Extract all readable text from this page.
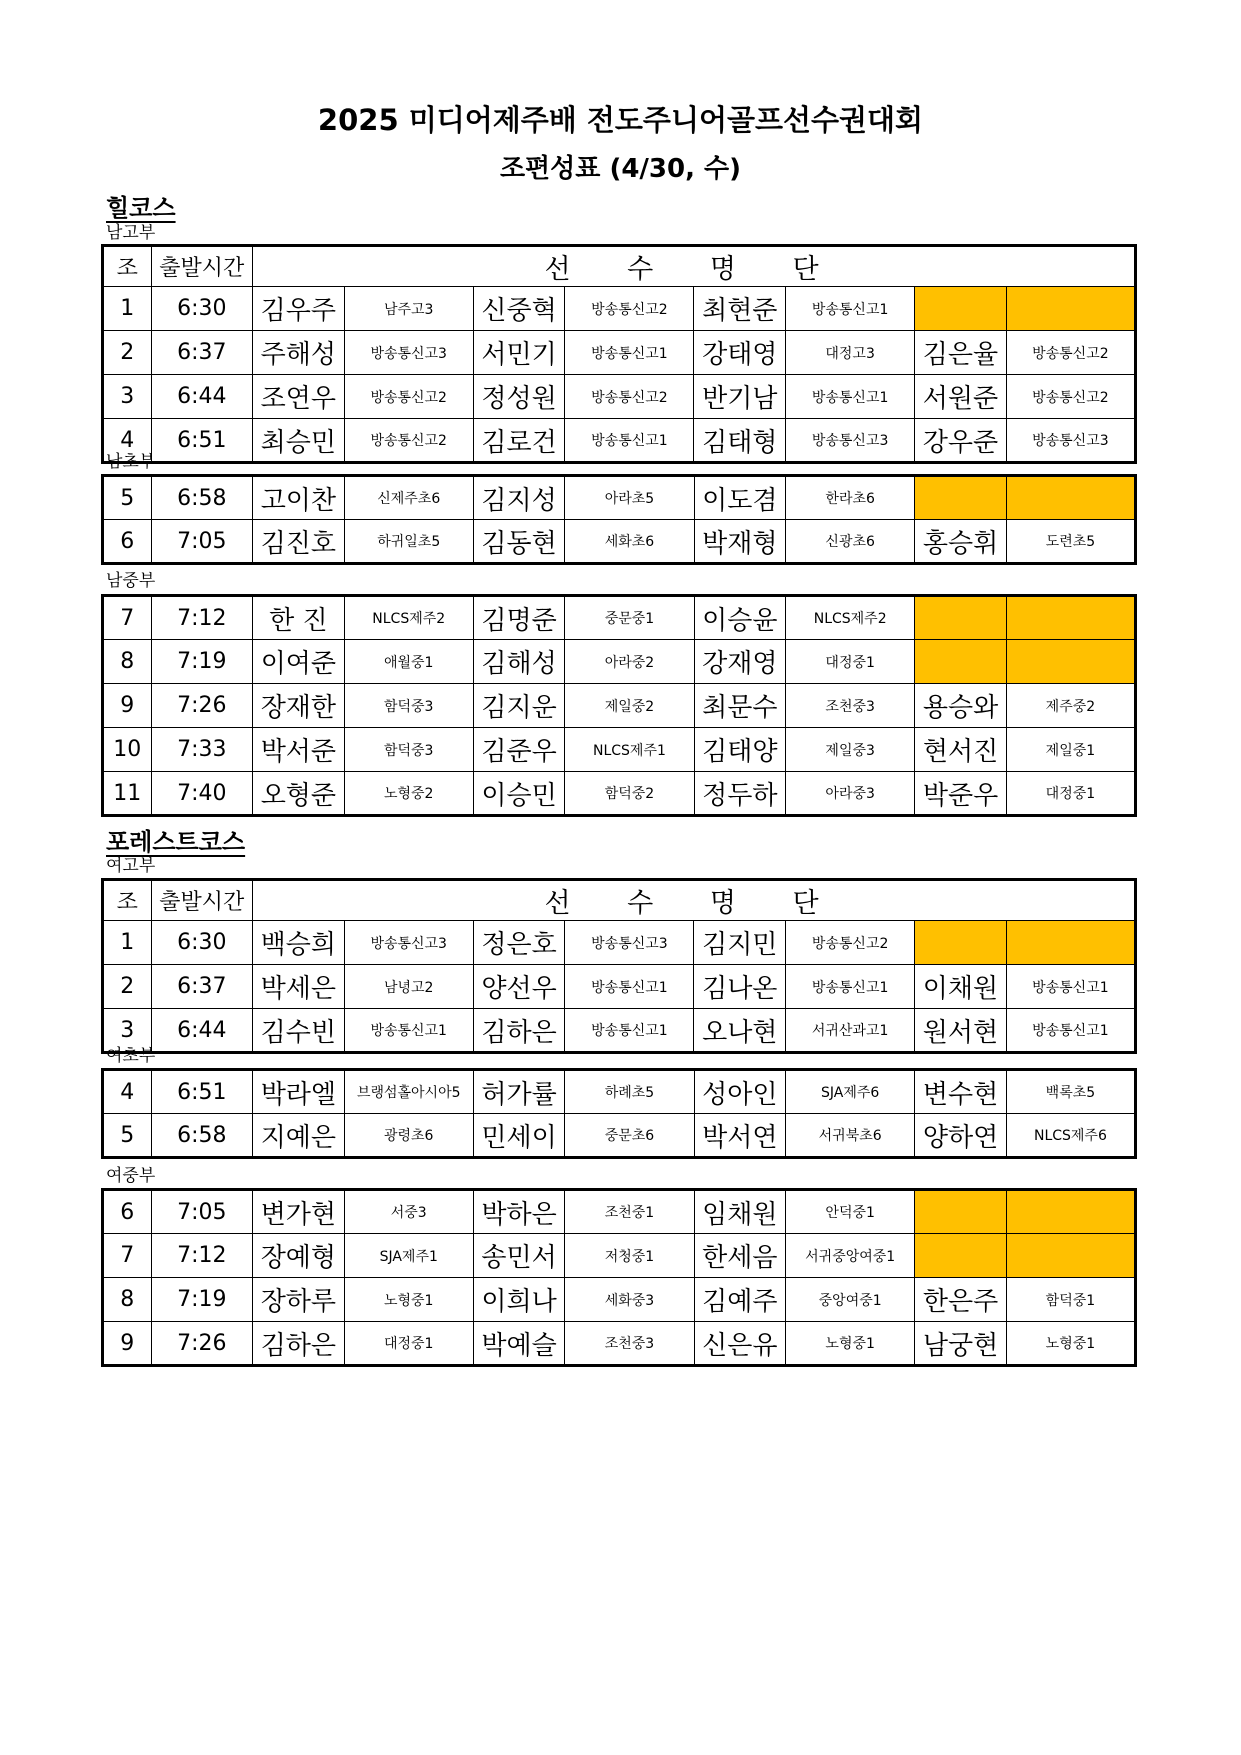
2025 미디어제주배 전도주니어골프선수권대회
조편성표 (4/30, 수)
힐코스
남고부
조	출발시간	선 수 명 단							
1	6:30	김우주	남주고3	신중혁	방송통신고2	최현준	방송통신고1		
2	6:37	주해성	방송통신고3	서민기	방송통신고1	강태영	대정고3	김은율	방송통신고2
3	6:44	조연우	방송통신고2	정성원	방송통신고2	반기남	방송통신고1	서원준	방송통신고2
4	6:51	최승민	방송통신고2	김로건	방송통신고1	김태형	방송통신고3	강우준	방송통신고3
남초부
5	6:58	고이찬	신제주초6	김지성	아라초5	이도겸	한라초6		
6	7:05	김진호	하귀일초5	김동현	세화초6	박재형	신광초6	홍승휘	도련초5
남중부
7	7:12	한 진	NLCS제주2	김명준	중문중1	이승윤	NLCS제주2		
8	7:19	이여준	애월중1	김해성	아라중2	강재영	대정중1		
9	7:26	장재한	함덕중3	김지운	제일중2	최문수	조천중3	용승와	제주중2
10	7:33	박서준	함덕중3	김준우	NLCS제주1	김태양	제일중3	현서진	제일중1
11	7:40	오형준	노형중2	이승민	함덕중2	정두하	아라중3	박준우	대정중1
포레스트코스
여고부
조	출발시간	선 수 명 단							
1	6:30	백승희	방송통신고3	정은호	방송통신고3	김지민	방송통신고2		
2	6:37	박세은	남녕고2	양선우	방송통신고1	김나온	방송통신고1	이채원	방송통신고1
3	6:44	김수빈	방송통신고1	김하은	방송통신고1	오나현	서귀산과고1	원서현	방송통신고1
여초부
4	6:51	박라엘	브랭섬홀아시아5	허가률	하례초5	성아인	SJA제주6	변수현	백록초5
5	6:58	지예은	광령초6	민세이	중문초6	박서연	서귀북초6	양하연	NLCS제주6
여중부
6	7:05	변가현	서중3	박하은	조천중1	임채원	안덕중1		
7	7:12	장예형	SJA제주1	송민서	저청중1	한세음	서귀중앙여중1		
8	7:19	장하루	노형중1	이희나	세화중3	김예주	중앙여중1	한은주	함덕중1
9	7:26	김하은	대정중1	박예슬	조천중3	신은유	노형중1	남궁현	노형중1
